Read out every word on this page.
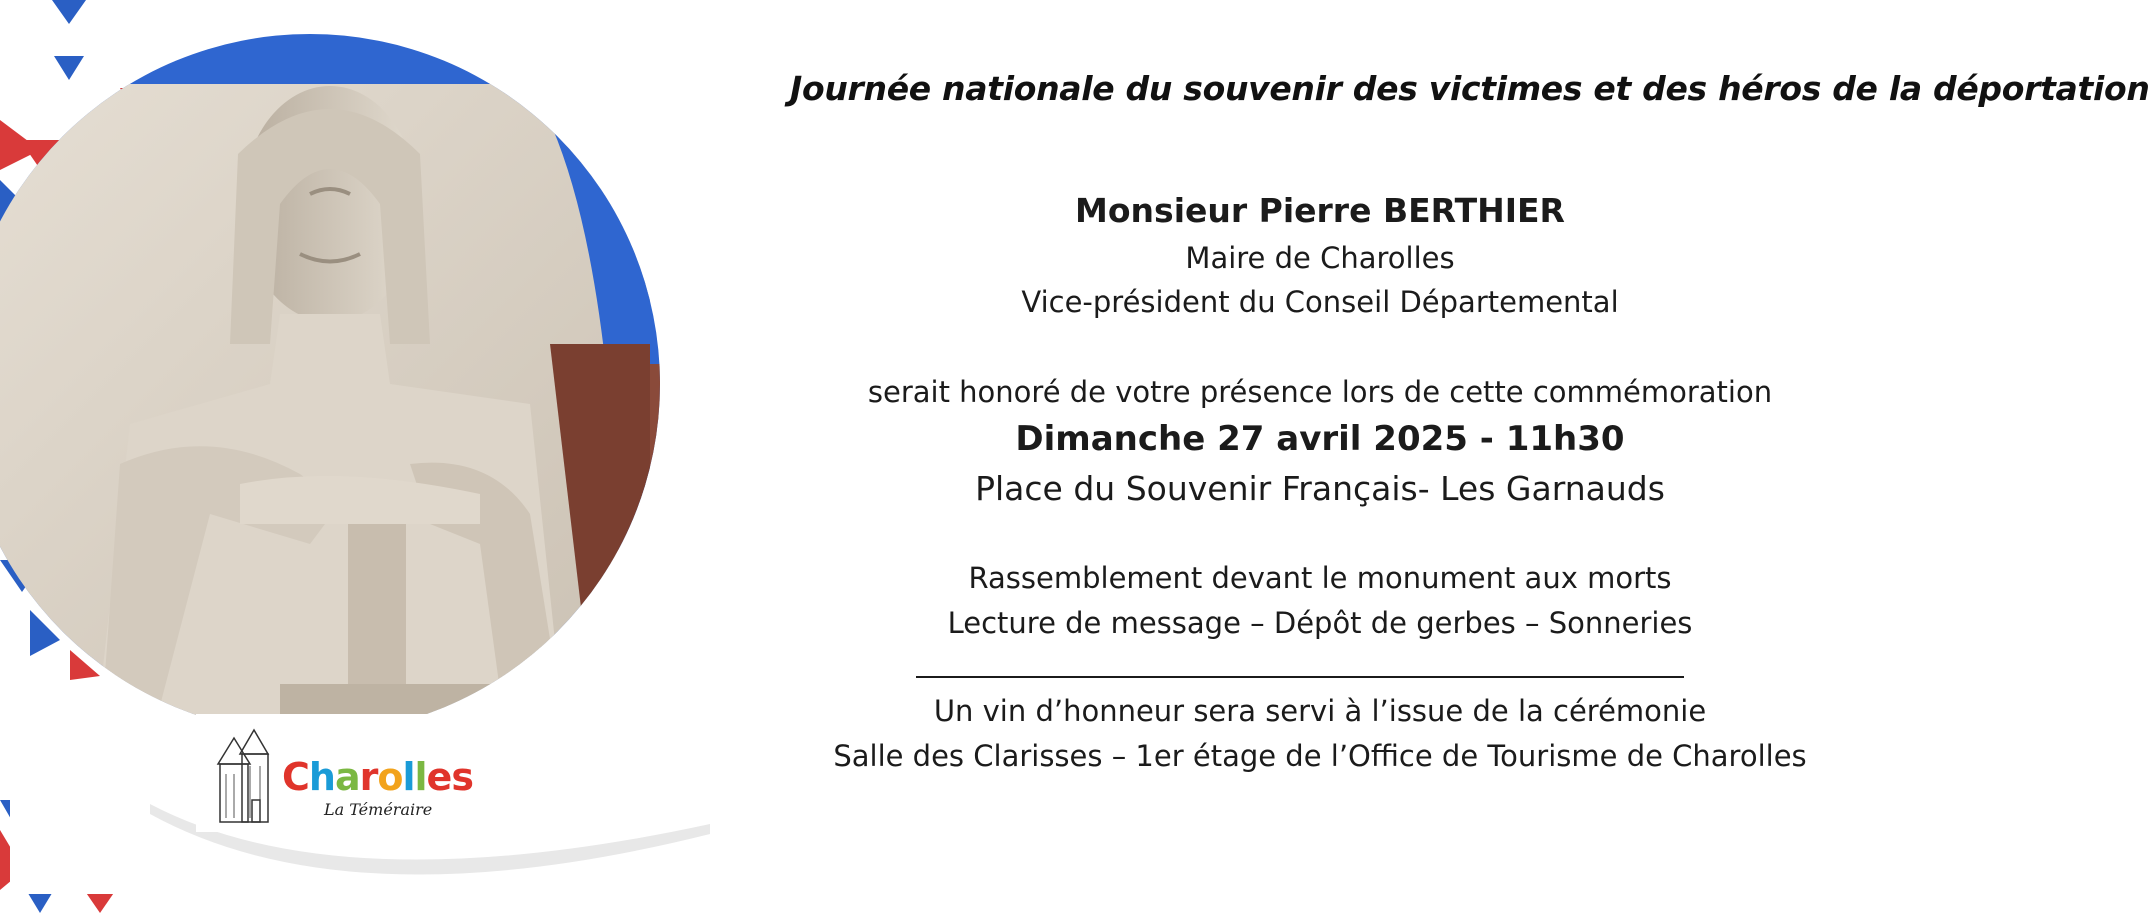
Charolles
La Téméraire
Journée nationale du souvenir des victimes et des héros de la déportation
Monsieur Pierre BERTHIER
Maire de Charolles
Vice-président du Conseil Départemental
serait honoré de votre présence lors de cette commémoration
Dimanche 27 avril 2025 - 11h30
Place du Souvenir Français- Les Garnauds
Rassemblement devant le monument aux morts
Lecture de message – Dépôt de gerbes – Sonneries
Un vin d’honneur sera servi à l’issue de la cérémonie
Salle des Clarisses – 1er étage de l’Office de Tourisme de Charolles
